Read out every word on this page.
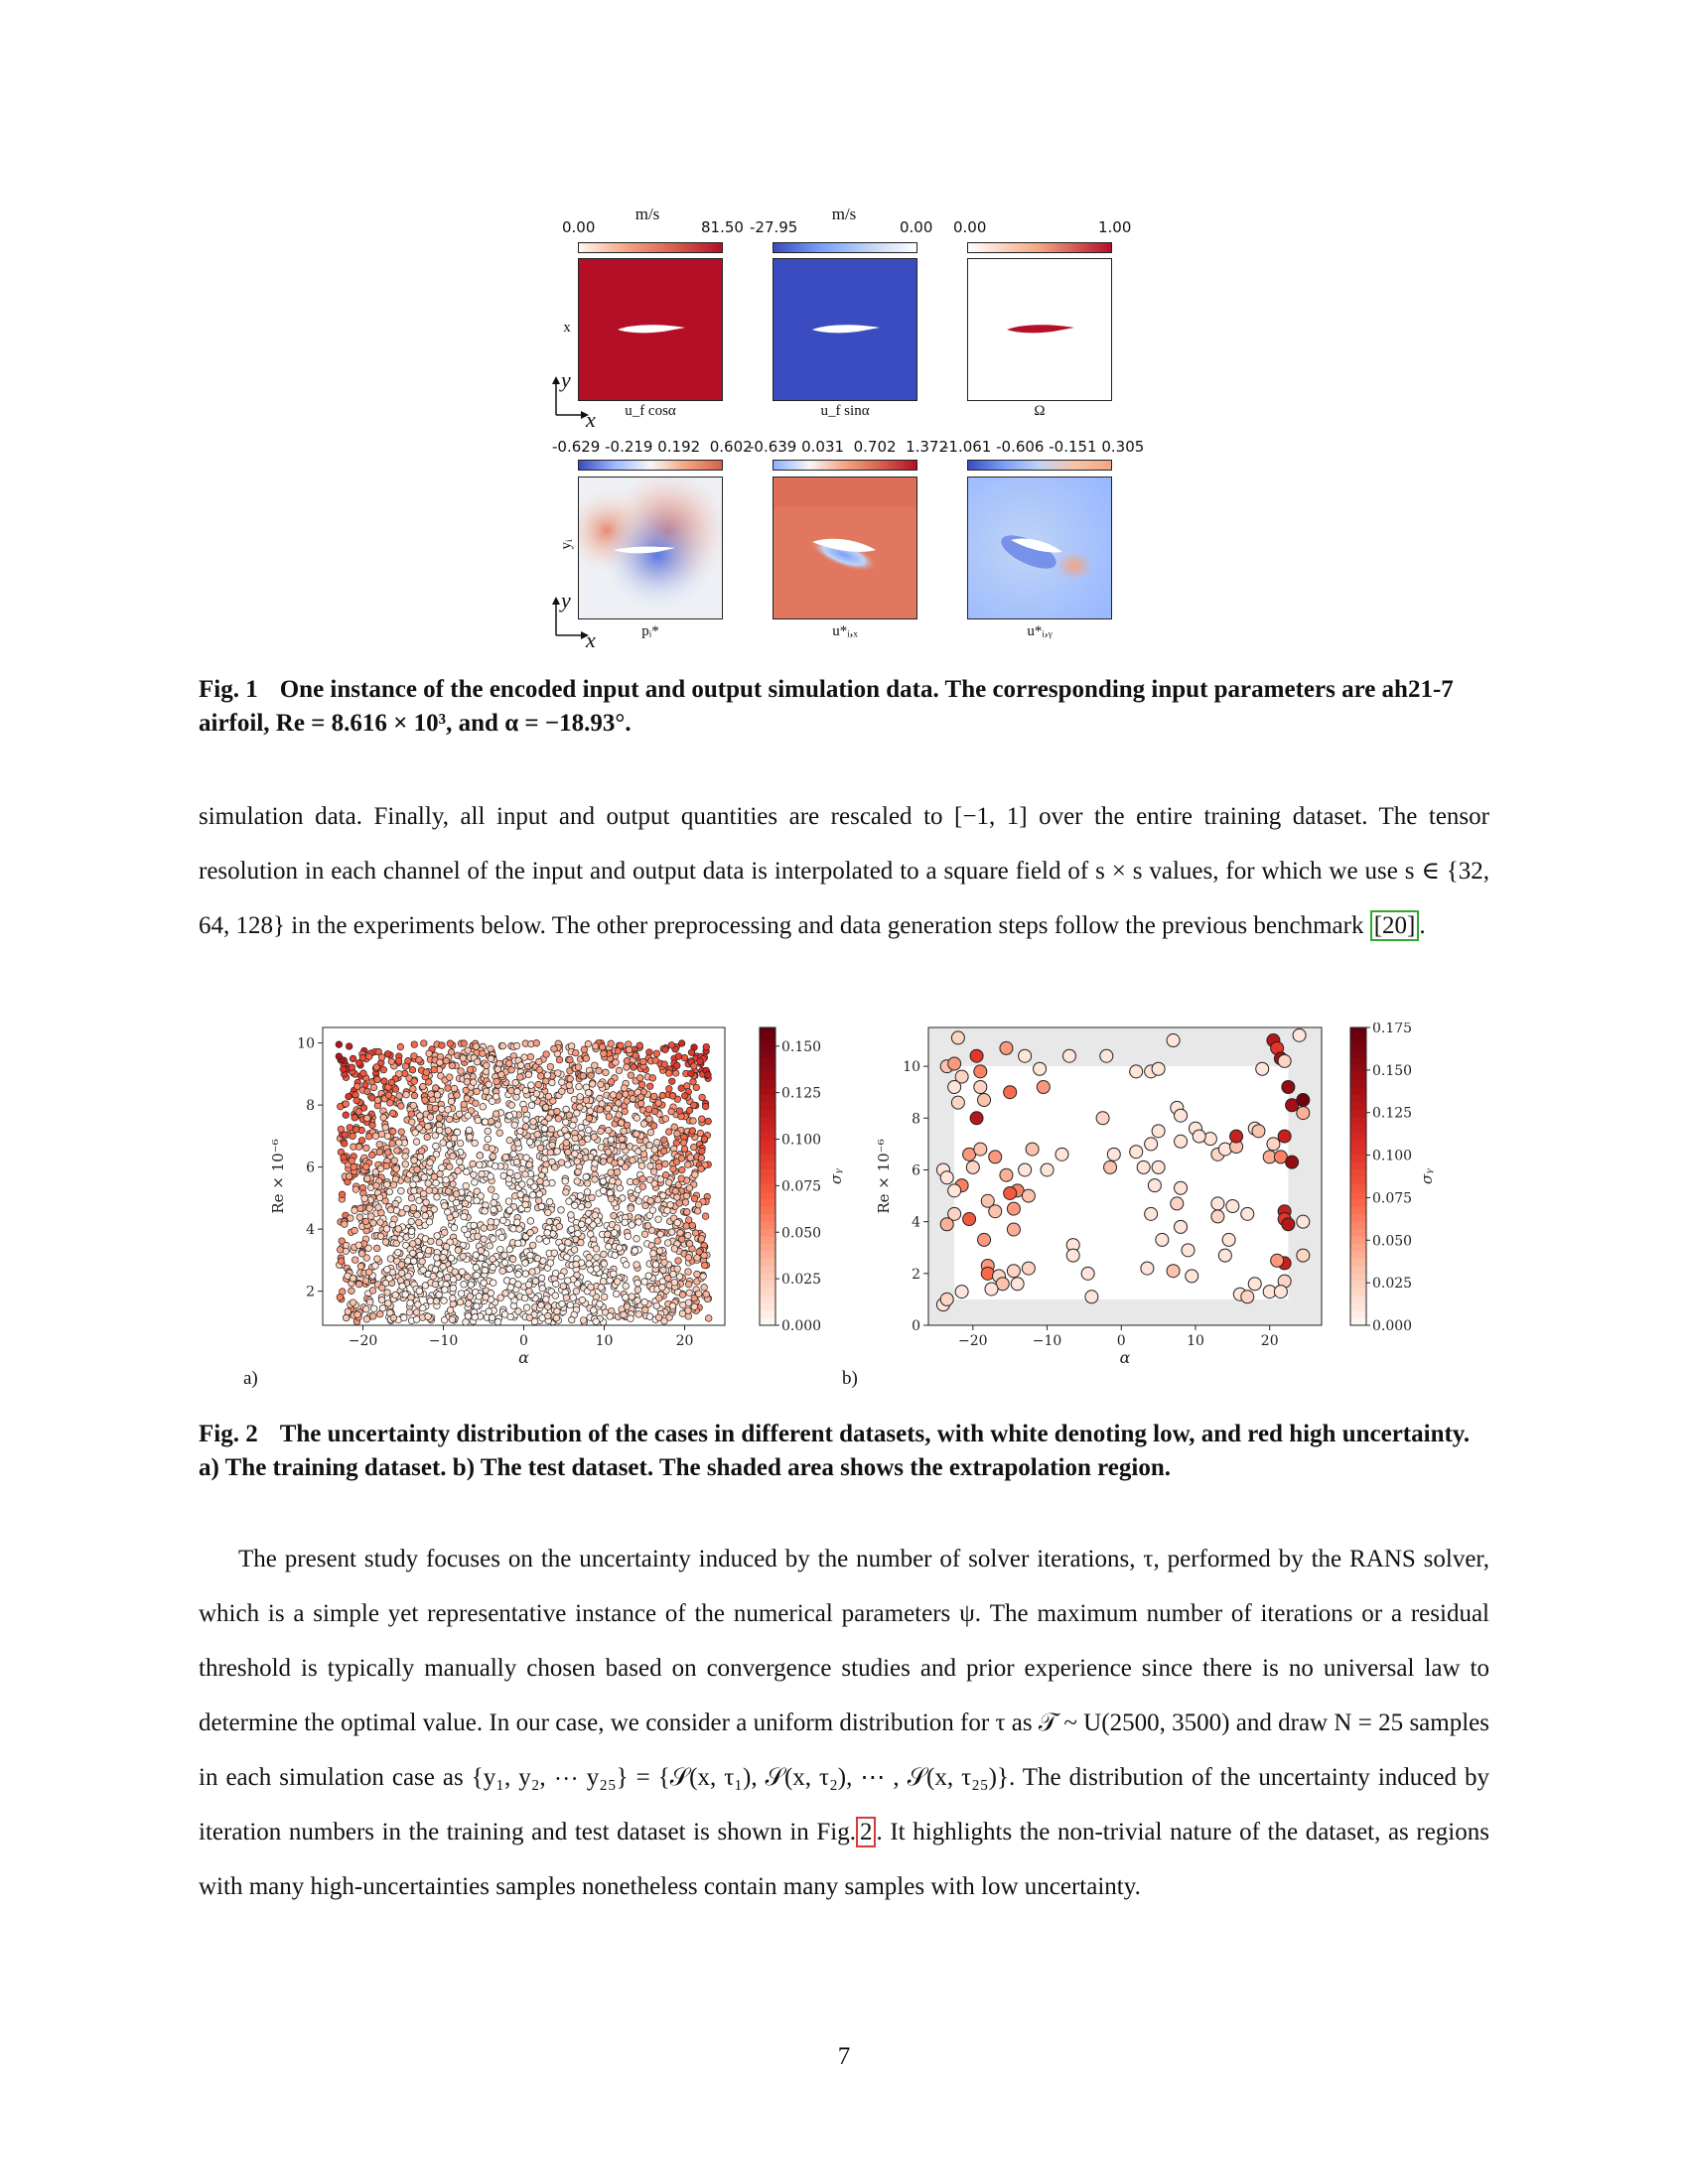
m/s	m/s
0.00	81.50 -27.95	0.00 0.00	1.00
x
y
x	u_f cosα	u_f sinα	Ω
-0.629 -0.219 0.192  0.602
-0.639 0.031  0.702  1.372
-1.061 -0.606 -0.151 0.305
yᵢ
y
x	pᵢ*	u*ᵢ,ₓ	u*ᵢ,ᵧ
Fig. 1 One instance of the encoded input and output simulation data. The corresponding input parameters are ah21-7 airfoil, Re = 8.616 × 10³, and α = −18.93°.

simulation data. Finally, all input and output quantities are rescaled to [−1, 1] over the entire training dataset. The tensor resolution in each channel of the input and output data is interpolated to a square field of s × s values, for which we use s ∈ {32, 64, 128} in the experiments below. The other preprocessing and data generation steps follow the previous benchmark [20] .

−20	−10	0	10	20
2
4
6
8
10
α
Re × 10⁻⁶
0.000
0.025
0.050
0.075
0.100
0.125
0.150
σᵧ
−20	−10	0	10	20
0
2
4
6
8
10
α
Re × 10⁻⁶
0.000
0.025
0.050
0.075
0.100
0.125
0.150
0.175
σᵧ
a)	b)
Fig. 2 The uncertainty distribution of the cases in different datasets, with white denoting low, and red high uncertainty. a) The training dataset. b) The test dataset. The shaded area shows the extrapolation region.

The present study focuses on the uncertainty induced by the number of solver iterations, τ, performed by the RANS solver, which is a simple yet representative instance of the numerical parameters ψ. The maximum number of iterations or a residual threshold is typically manually chosen based on convergence studies and prior experience since there is no universal law to determine the optimal value. In our case, we consider a uniform distribution for τ as 𝒯 ~ U(2500, 3500) and draw N = 25 samples in each simulation case as {y₁, y₂, ⋯ y₂₅} = {𝒮(x, τ₁), 𝒮(x, τ₂), ⋯ , 𝒮(x, τ₂₅)}. The distribution of the uncertainty induced by iteration numbers in the training and test dataset is shown in Fig. 2 . It highlights the non-trivial nature of the dataset, as regions with many high-uncertainties samples nonetheless contain many samples with low uncertainty.

7
